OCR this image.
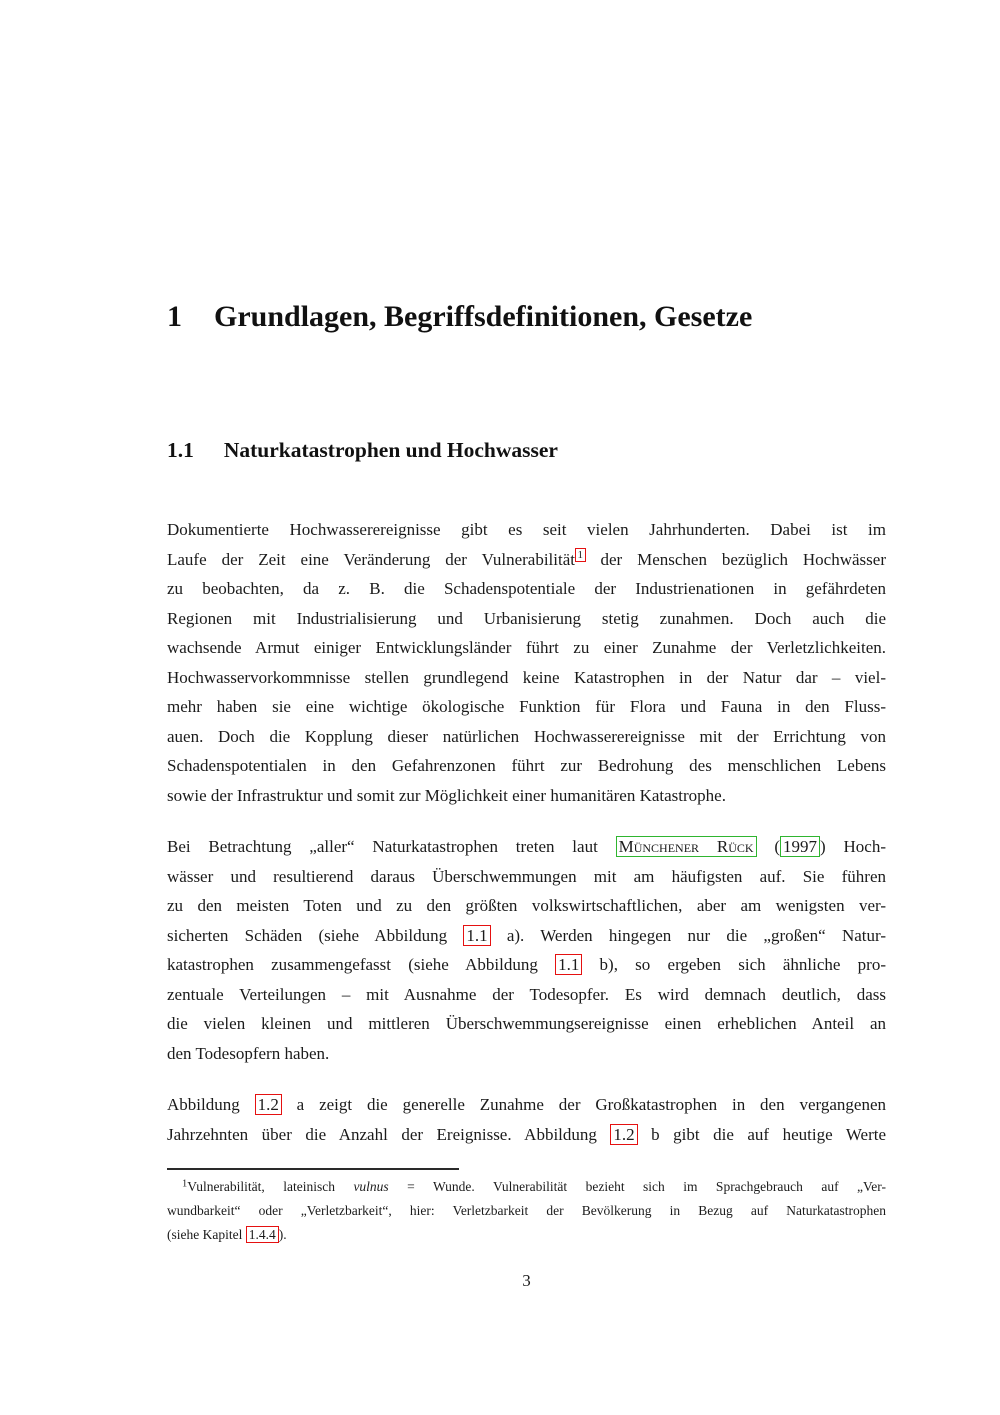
1 Grundlagen, Begriffsdefinitionen, Gesetze
1.1 Naturkatastrophen und Hochwasser
Dokumentierte Hochwasserereignisse gibt es seit vielen Jahrhunderten. Dabei ist im
Laufe der Zeit eine Veränderung der Vulnerabilität $^1$ der Menschen bezüglich Hochwässer
zu beobachten, da z. B. die Schadenspotentiale der Industrienationen in gefährdeten
Regionen mit Industrialisierung und Urbanisierung stetig zunahmen. Doch auch die
wachsende Armut einiger Entwicklungsländer führt zu einer Zunahme der Verletzlichkeiten.
Hochwasservorkommnisse stellen grundlegend keine Katastrophen in der Natur dar – viel-
mehr haben sie eine wichtige ökologische Funktion für Flora und Fauna in den Fluss-
auen. Doch die Kopplung dieser natürlichen Hochwasserereignisse mit der Errichtung von
Schadenspotentialen in den Gefahrenzonen führt zur Bedrohung des menschlichen Lebens
sowie der Infrastruktur und somit zur Möglichkeit einer humanitären Katastrophe.
Bei Betrachtung „aller“ Naturkatastrophen treten laut Münchener Rück ( 1997 ) Hoch-
wässer und resultierend daraus Überschwemmungen mit am häufigsten auf. Sie führen
zu den meisten Toten und zu den größten volkswirtschaftlichen, aber am wenigsten ver-
sicherten Schäden (siehe Abbildung 1.1 a). Werden hingegen nur die „großen“ Natur-
katastrophen zusammengefasst (siehe Abbildung 1.1 b), so ergeben sich ähnliche pro-
zentuale Verteilungen – mit Ausnahme der Todesopfer. Es wird demnach deutlich, dass
die vielen kleinen und mittleren Überschwemmungsereignisse einen erheblichen Anteil an
den Todesopfern haben.
Abbildung 1.2 a zeigt die generelle Zunahme der Großkatastrophen in den vergangenen
Jahrzehnten über die Anzahl der Ereignisse. Abbildung 1.2 b gibt die auf heutige Werte
$^1$Vulnerabilität, lateinisch vulnus = Wunde. Vulnerabilität bezieht sich im Sprachgebrauch auf „Ver-
wundbarkeit“ oder „Verletzbarkeit“, hier: Verletzbarkeit der Bevölkerung in Bezug auf Naturkatastrophen
(siehe Kapitel 1.4.4 ).
3
